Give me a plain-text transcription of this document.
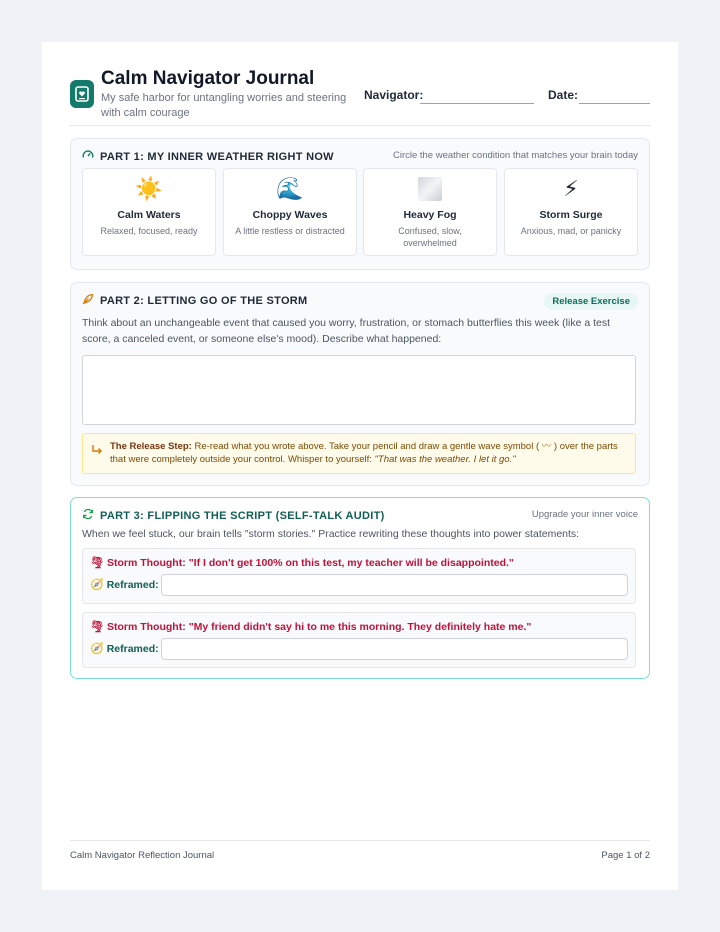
Calm Navigator Journal
My safe harbor for untangling worries and steering with calm courage
Navigator:	Date:
PART 1: MY INNER WEATHER RIGHT NOW	Circle the weather condition that matches your brain today
☀️
Calm Waters
Relaxed, focused, ready
🌊
Choppy Waves
A little restless or distracted
Heavy Fog
Confused, slow, overwhelmed
⚡
Storm Surge
Anxious, mad, or panicky
PART 2: LETTING GO OF THE STORM	Release Exercise
Think about an unchangeable event that caused you worry, frustration, or stomach butterflies this week (like a test score, a canceled event, or someone else's mood). Describe what happened:
The Release Step: Re-read what you wrote above. Take your pencil and draw a gentle wave symbol ( 〰 ) over the parts that were completely outside your control. Whisper to yourself: "That was the weather. I let it go."
PART 3: FLIPPING THE SCRIPT (SELF-TALK AUDIT)	Upgrade your inner voice
When we feel stuck, our brain tells "storm stories." Practice rewriting these thoughts into power statements:
🌪 Storm Thought: "If I don't get 100% on this test, my teacher will be disappointed."
🧭 Reframed:
🌪 Storm Thought: "My friend didn't say hi to me this morning. They definitely hate me."
🧭 Reframed:
Calm Navigator Reflection Journal	Page 1 of 2
